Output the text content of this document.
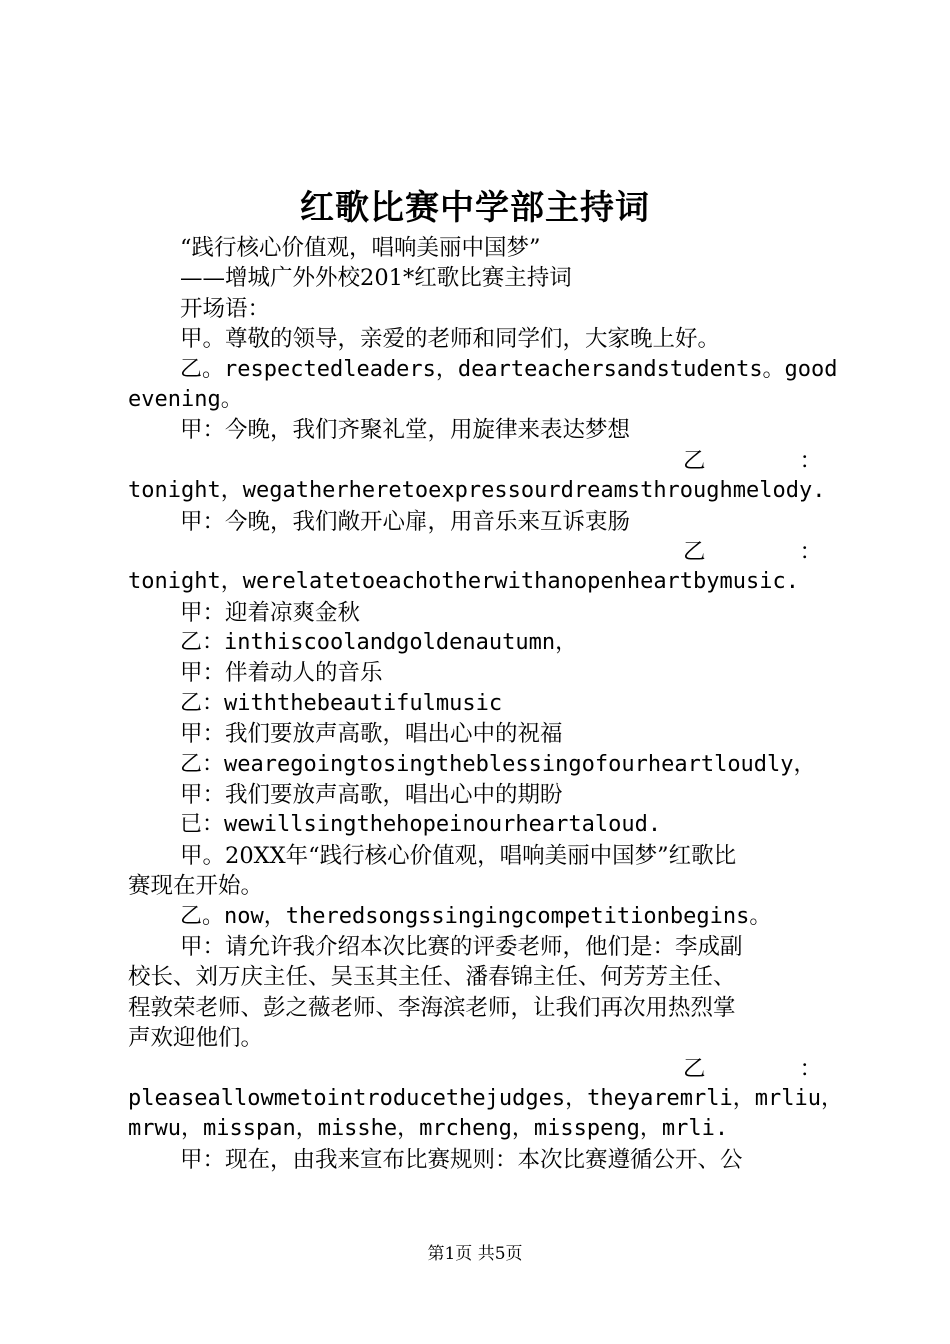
红歌比赛中学部主持词
“践行核心价值观，唱响美丽中国梦”
——增城广外外校201*红歌比赛主持词
开场语：
甲。尊敬的领导，亲爱的老师和同学们，大家晚上好。
乙。respectedleaders，dearteachersandstudents。good
evening。
甲：今晚，我们齐聚礼堂，用旋律来表达梦想
乙	：
tonight，wegatherheretoexpressourdreamsthroughmelody.
甲：今晚，我们敞开心扉，用音乐来互诉衷肠
乙	：
tonight，werelatetoeachotherwithanopenheartbymusic.
甲：迎着凉爽金秋
乙：inthiscoolandgoldenautumn，
甲：伴着动人的音乐
乙：withthebeautifulmusic
甲：我们要放声高歌，唱出心中的祝福
乙：wearegoingtosingtheblessingofourheartloudly，
甲：我们要放声高歌，唱出心中的期盼
已：wewillsingthehopeinourheartaloud.
甲。20XX年“践行核心价值观，唱响美丽中国梦”红歌比
赛现在开始。
乙。now，theredsongssingingcompetitionbegins。
甲：请允许我介绍本次比赛的评委老师，他们是：李成副
校长、刘万庆主任、吴玉其主任、潘春锦主任、何芳芳主任、
程敦荣老师、彭之薇老师、李海滨老师，让我们再次用热烈掌
声欢迎他们。
乙	：
pleaseallowmetointroducethejudges，theyaremrli，mrliu，
mrwu，misspan，misshe，mrcheng，misspeng，mrli.
甲：现在，由我来宣布比赛规则：本次比赛遵循公开、公
第1页 共5页
